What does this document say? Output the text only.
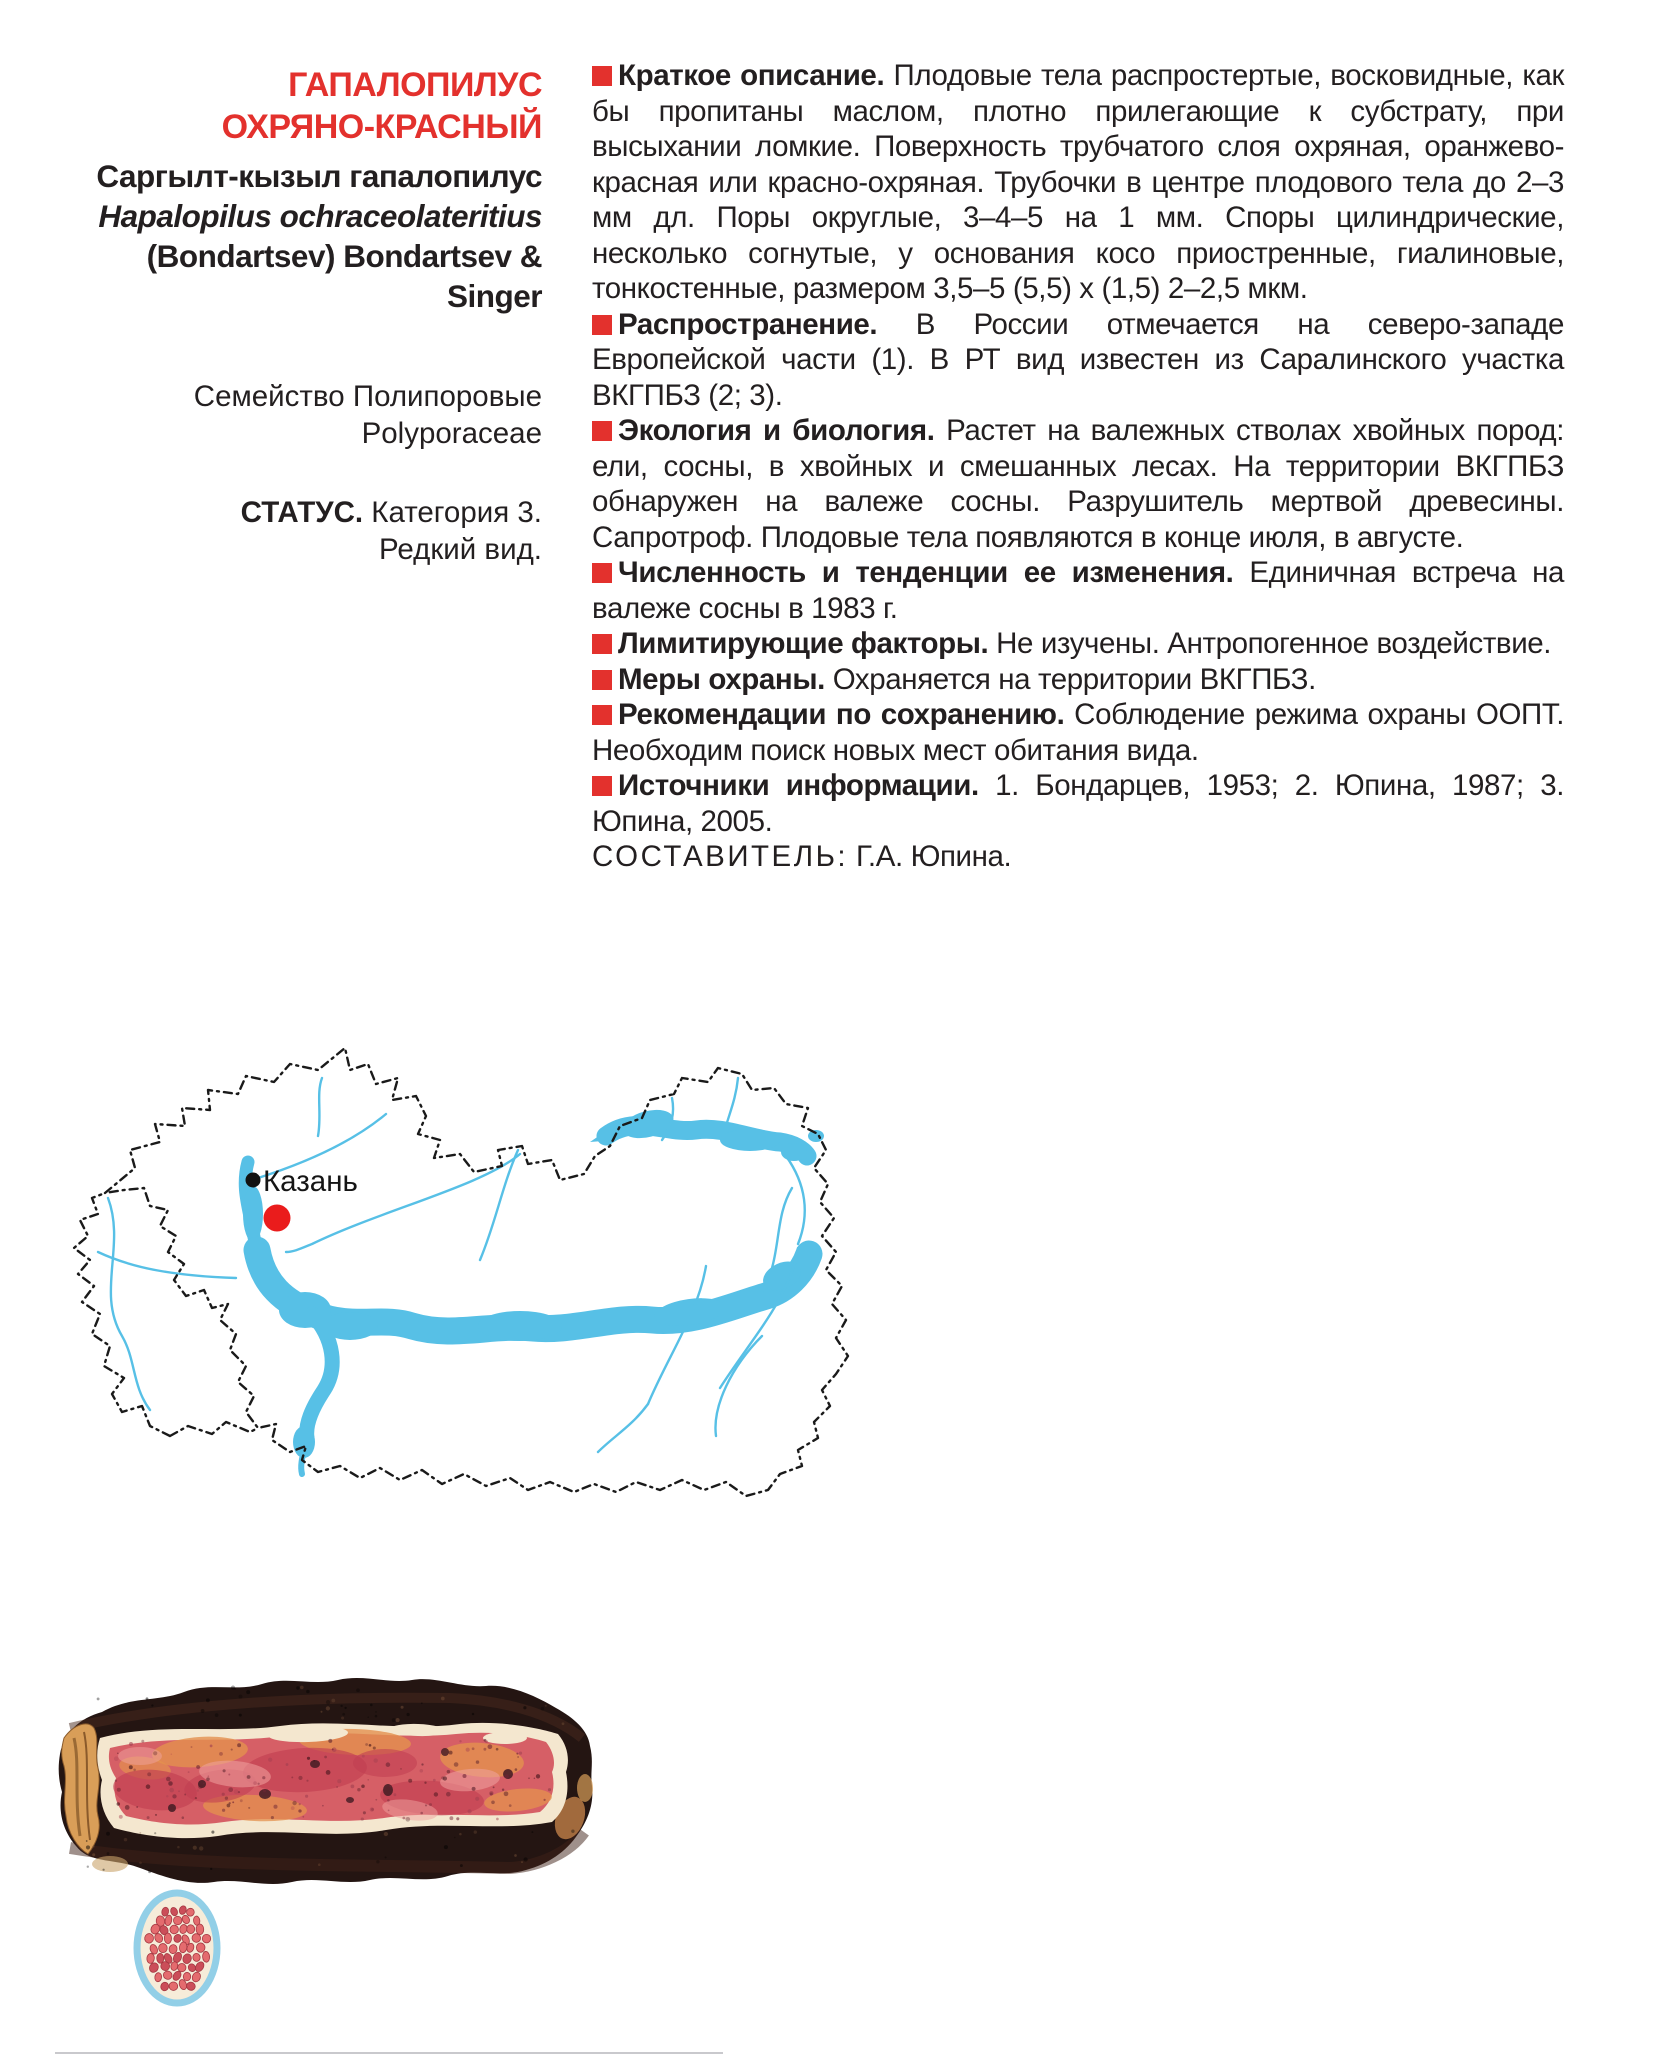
ГАПАЛОПИЛУС
ОХРЯНО-КРАСНЫЙ
Саргылт-кызыл гапалопилус
Hapalopilus ochraceolateritius
(Bondartsev) Bondartsev & Singer
Семейство Полипоровые
Polyporaceae
СТАТУС. Категория 3.
Редкий вид.

Краткое описание. Плодовые тела распростертые, восковидные, как бы пропитаны маслом, плотно прилегающие к субстрату, при высыхании ломкие. Поверхность трубчатого слоя охряная, оранжево-красная или красно-охряная. Трубочки в центре плодового тела до 2–3 мм дл. Поры округлые, 3–4–5 на 1 мм. Споры цилиндрические, несколько согнутые, у основания косо приостренные, гиалиновые, тонкостенные, размером 3,5–5 (5,5) х (1,5) 2–2,5 мкм.

Распространение. В России отмечается на северо-западе Европейской части (1). В РТ вид известен из Саралинского участка ВКГПБЗ (2; 3).

Экология и биология. Растет на валежных стволах хвойных пород: ели, сосны, в хвойных и смешанных лесах. На территории ВКГПБЗ обнаружен на валеже сосны. Разрушитель мертвой древесины. Сапротроф. Плодовые тела появляются в конце июля, в августе.

Численность и тенденции ее изменения. Единичная встреча на валеже сосны в 1983 г.

Лимитирующие факторы. Не изучены. Антропогенное воздействие.

Меры охраны. Охраняется на территории ВКГПБЗ.

Рекомендации по сохранению. Соблюдение режима охраны ООПТ. Необходим поиск новых мест обитания вида.

Источники информации. 1. Бондарцев, 1953; 2. Юпина, 1987; 3. Юпина, 2005.

СОСТАВИТЕЛЬ: Г.А. Юпина.

Казань
